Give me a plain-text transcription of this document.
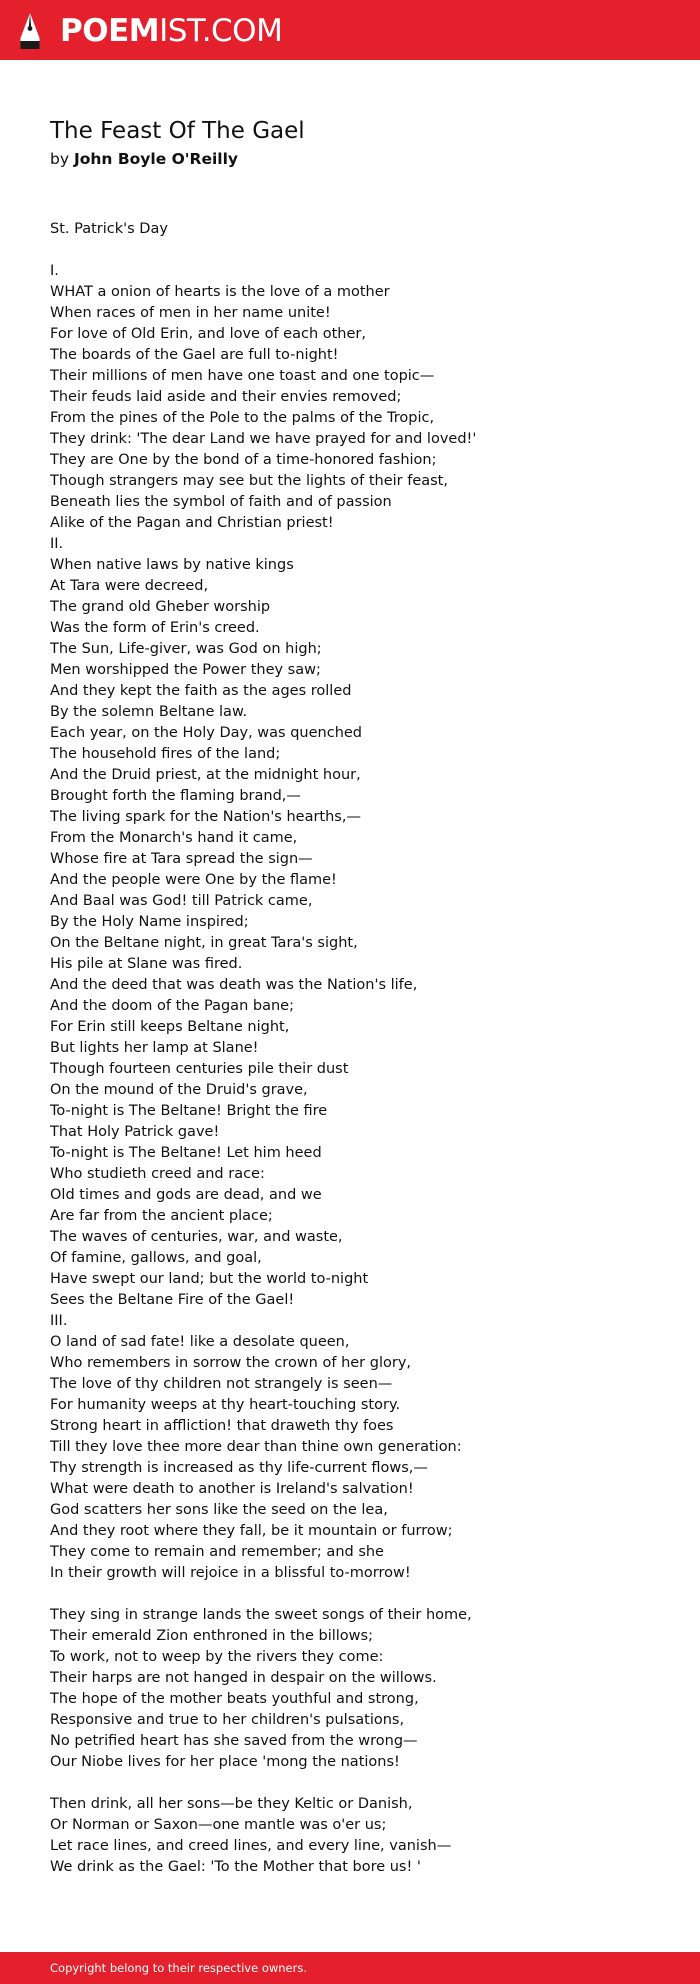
POEMIST.COM
The Feast Of The Gael

by John Boyle O'Reilly

St. Patrick's Day
I.
WHAT a onion of hearts is the love of a mother
When races of men in her name unite!
For love of Old Erin, and love of each other,
The boards of the Gael are full to-night!
Their millions of men have one toast and one topic—
Their feuds laid aside and their envies removed;
From the pines of the Pole to the palms of the Tropic,
They drink: 'The dear Land we have prayed for and loved!'
They are One by the bond of a time-honored fashion;
Though strangers may see but the lights of their feast,
Beneath lies the symbol of faith and of passion
Alike of the Pagan and Christian priest!
II.
When native laws by native kings
At Tara were decreed,
The grand old Gheber worship
Was the form of Erin's creed.
The Sun, Life-giver, was God on high;
Men worshipped the Power they saw;
And they kept the faith as the ages rolled
By the solemn Beltane law.
Each year, on the Holy Day, was quenched
The household fires of the land;
And the Druid priest, at the midnight hour,
Brought forth the flaming brand,—
The living spark for the Nation's hearths,—
From the Monarch's hand it came,
Whose fire at Tara spread the sign—
And the people were One by the flame!
And Baal was God! till Patrick came,
By the Holy Name inspired;
On the Beltane night, in great Tara's sight,
His pile at Slane was fired.
And the deed that was death was the Nation's life,
And the doom of the Pagan bane;
For Erin still keeps Beltane night,
But lights her lamp at Slane!
Though fourteen centuries pile their dust
On the mound of the Druid's grave,
To-night is The Beltane! Bright the fire
That Holy Patrick gave!
To-night is The Beltane! Let him heed
Who studieth creed and race:
Old times and gods are dead, and we
Are far from the ancient place;
The waves of centuries, war, and waste,
Of famine, gallows, and goal,
Have swept our land; but the world to-night
Sees the Beltane Fire of the Gael!
III.
O land of sad fate! like a desolate queen,
Who remembers in sorrow the crown of her glory,
The love of thy children not strangely is seen—
For humanity weeps at thy heart-touching story.
Strong heart in affliction! that draweth thy foes
Till they love thee more dear than thine own generation:
Thy strength is increased as thy life-current flows,—
What were death to another is Ireland's salvation!
God scatters her sons like the seed on the lea,
And they root where they fall, be it mountain or furrow;
They come to remain and remember; and she
In their growth will rejoice in a blissful to-morrow!
They sing in strange lands the sweet songs of their home,
Their emerald Zion enthroned in the billows;
To work, not to weep by the rivers they come:
Their harps are not hanged in despair on the willows.
The hope of the mother beats youthful and strong,
Responsive and true to her children's pulsations,
No petrified heart has she saved from the wrong—
Our Niobe lives for her place 'mong the nations!
Then drink, all her sons—be they Keltic or Danish,
Or Norman or Saxon—one mantle was o'er us;
Let race lines, and creed lines, and every line, vanish—
We drink as the Gael: 'To the Mother that bore us! '
Copyright belong to their respective owners.
